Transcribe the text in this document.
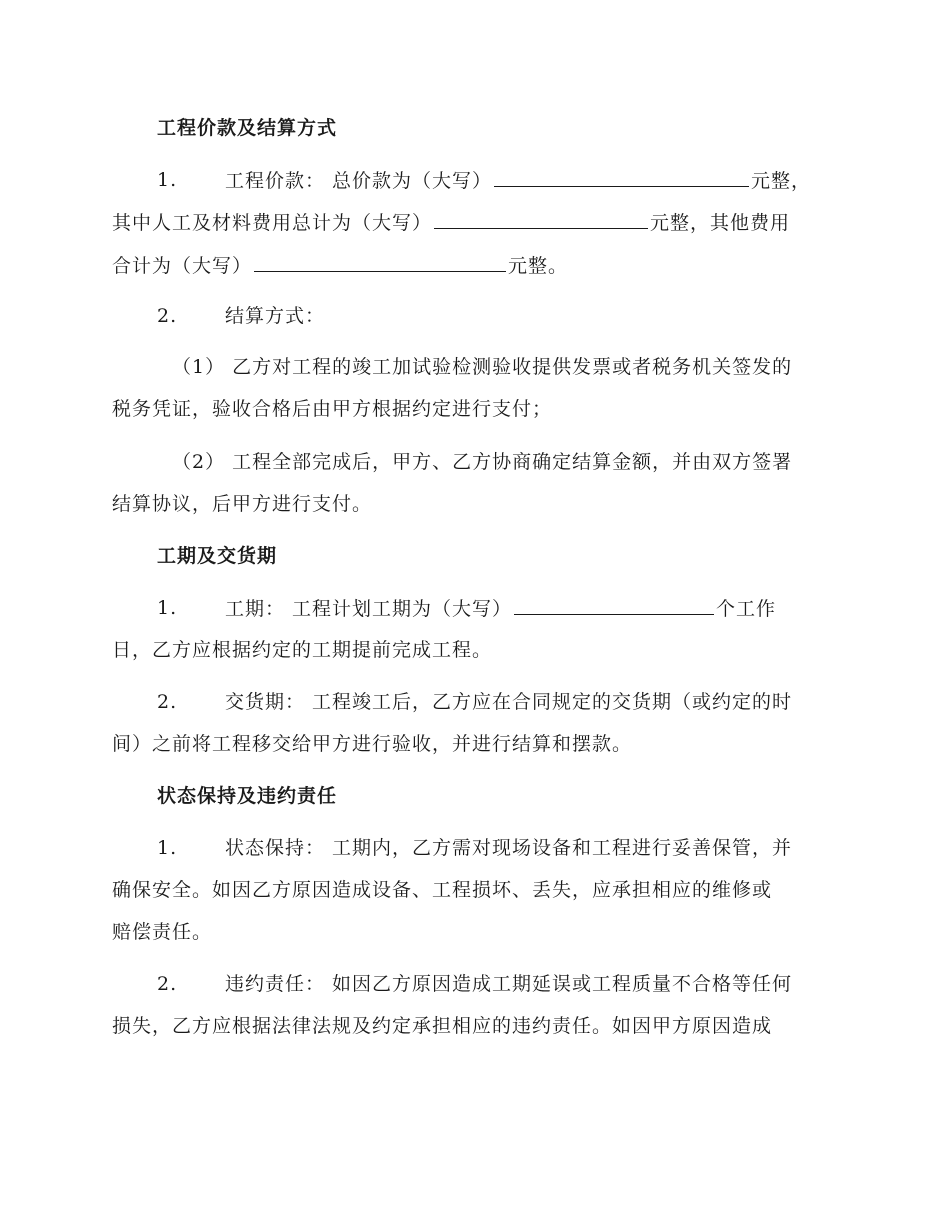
工程价款及结算方式
1.	工程价款： 总价款为（大写）	元整，
其中人工及材料费用总计为（大写）	元整，其他费用
合计为（大写）	元整。
2.	结算方式：
（1） 乙方对工程的竣工加试验检测验收提供发票或者税务机关签发的
税务凭证，验收合格后由甲方根据约定进行支付；
（2） 工程全部完成后，甲方、乙方协商确定结算金额，并由双方签署
结算协议，后甲方进行支付。
工期及交货期
1.	工期： 工程计划工期为（大写）	个工作
日，乙方应根据约定的工期提前完成工程。
2.	交货期： 工程竣工后，乙方应在合同规定的交货期（或约定的时
间）之前将工程移交给甲方进行验收，并进行结算和摆款。
状态保持及违约责任
1.	状态保持： 工期内，乙方需对现场设备和工程进行妥善保管，并
确保安全。如因乙方原因造成设备、工程损坏、丢失，应承担相应的维修或
赔偿责任。
2.	违约责任： 如因乙方原因造成工期延误或工程质量不合格等任何
损失，乙方应根据法律法规及约定承担相应的违约责任。如因甲方原因造成
